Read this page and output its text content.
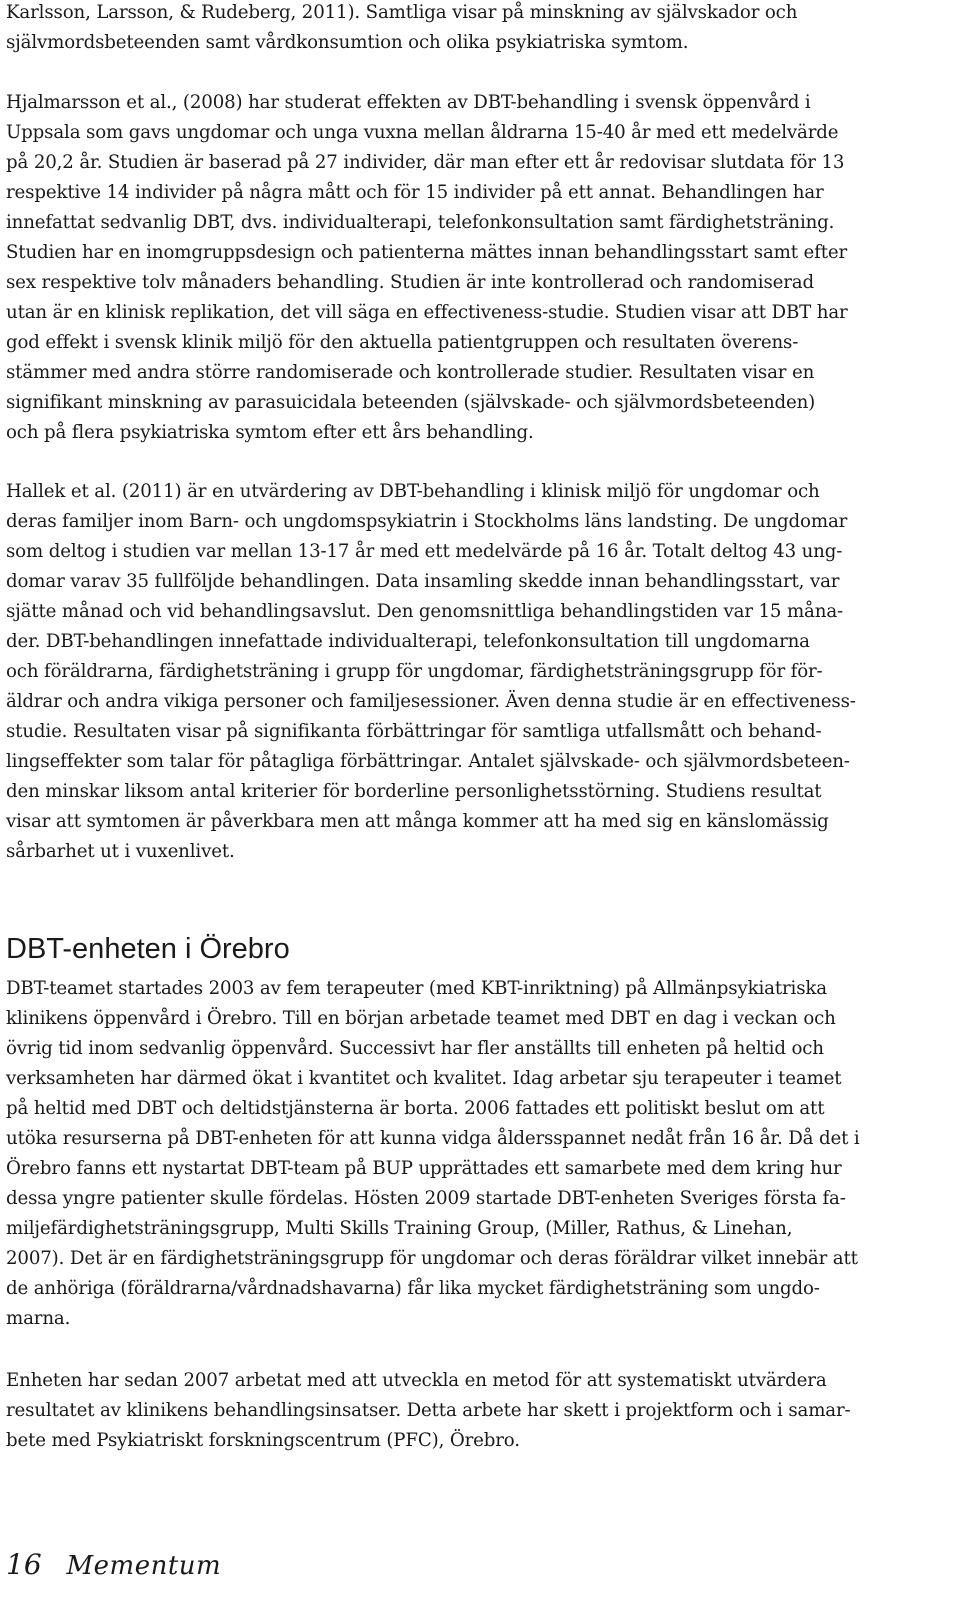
Karlsson, Larsson, & Rudeberg, 2011). Samtliga visar på minskning av självskador och
självmordsbeteenden samt vårdkonsumtion och olika psykiatriska symtom.

Hjalmarsson et al., (2008) har studerat effekten av DBT-behandling i svensk öppenvård i
Uppsala som gavs ungdomar och unga vuxna mellan åldrarna 15-40 år med ett medelvärde
på 20,2 år. Studien är baserad på 27 individer, där man efter ett år redovisar slutdata för 13
respektive 14 individer på några mått och för 15 individer på ett annat. Behandlingen har
innefattat sedvanlig DBT, dvs. individualterapi, telefonkonsultation samt färdighetsträning.
Studien har en inomgruppsdesign och patienterna mättes innan behandlingsstart samt efter
sex respektive tolv månaders behandling. Studien är inte kontrollerad och randomiserad
utan är en klinisk replikation, det vill säga en effectiveness-studie. Studien visar att DBT har
god effekt i svensk klinik miljö för den aktuella patientgruppen och resultaten överens-
stämmer med andra större randomiserade och kontrollerade studier. Resultaten visar en
signifikant minskning av parasuicidala beteenden (självskade- och självmordsbeteenden)
och på flera psykiatriska symtom efter ett års behandling.

Hallek et al. (2011) är en utvärdering av DBT-behandling i klinisk miljö för ungdomar och
deras familjer inom Barn- och ungdomspsykiatrin i Stockholms läns landsting. De ungdomar
som deltog i studien var mellan 13-17 år med ett medelvärde på 16 år. Totalt deltog 43 ung-
domar varav 35 fullföljde behandlingen. Data insamling skedde innan behandlingsstart, var
sjätte månad och vid behandlingsavslut. Den genomsnittliga behandlingstiden var 15 måna-
der. DBT-behandlingen innefattade individualterapi, telefonkonsultation till ungdomarna
och föräldrarna, färdighetsträning i grupp för ungdomar, färdighetsträningsgrupp för för-
äldrar och andra vikiga personer och familjesessioner. Även denna studie är en effectiveness-
studie. Resultaten visar på signifikanta förbättringar för samtliga utfallsmått och behand-
lingseffekter som talar för påtagliga förbättringar. Antalet självskade- och självmordsbeteen-
den minskar liksom antal kriterier för borderline personlighetsstörning. Studiens resultat
visar att symtomen är påverkbara men att många kommer att ha med sig en känslomässig
sårbarhet ut i vuxenlivet.

DBT-enheten i Örebro

DBT-teamet startades 2003 av fem terapeuter (med KBT-inriktning) på Allmänpsykiatriska
klinikens öppenvård i Örebro. Till en början arbetade teamet med DBT en dag i veckan och
övrig tid inom sedvanlig öppenvård. Successivt har fler anställts till enheten på heltid och
verksamheten har därmed ökat i kvantitet och kvalitet. Idag arbetar sju terapeuter i teamet
på heltid med DBT och deltidstjänsterna är borta. 2006 fattades ett politiskt beslut om att
utöka resurserna på DBT-enheten för att kunna vidga åldersspannet nedåt från 16 år. Då det i
Örebro fanns ett nystartat DBT-team på BUP upprättades ett samarbete med dem kring hur
dessa yngre patienter skulle fördelas. Hösten 2009 startade DBT-enheten Sveriges första fa-
miljefärdighetsträningsgrupp, Multi Skills Training Group, (Miller, Rathus, & Linehan,
2007). Det är en färdighetsträningsgrupp för ungdomar och deras föräldrar vilket innebär att
de anhöriga (föräldrarna/vårdnadshavarna) får lika mycket färdighetsträning som ungdo-
marna.

Enheten har sedan 2007 arbetat med att utveckla en metod för att systematiskt utvärdera
resultatet av klinikens behandlingsinsatser. Detta arbete har skett i projektform och i samar-
bete med Psykiatriskt forskningscentrum (PFC), Örebro.

16 Mementum
